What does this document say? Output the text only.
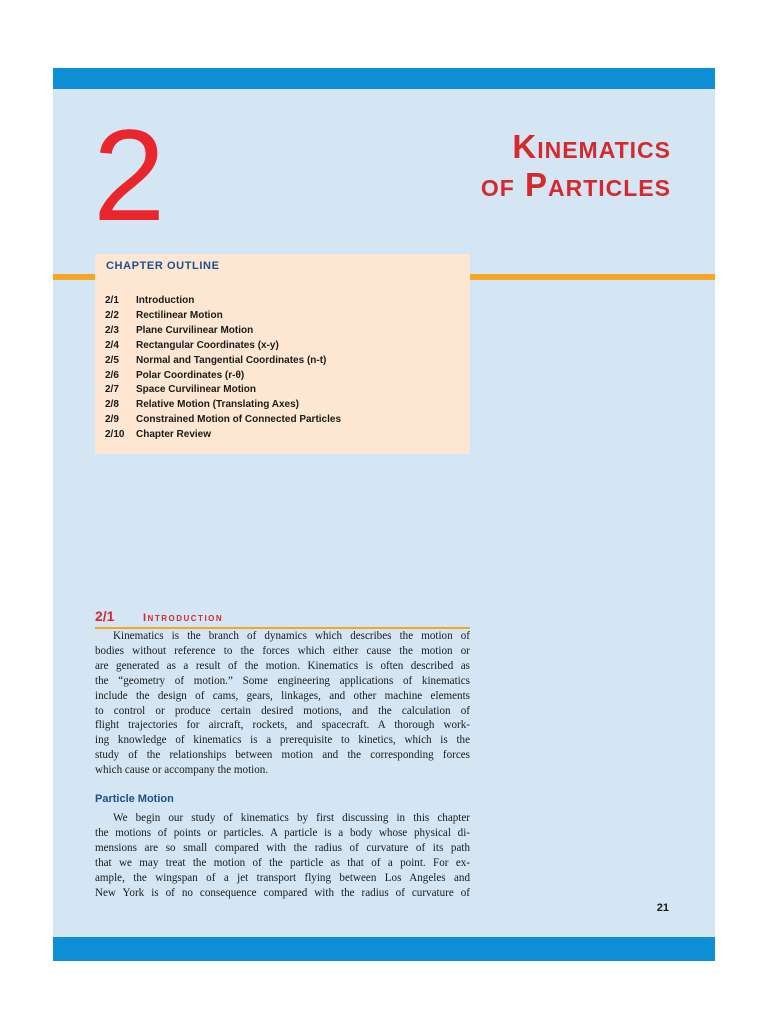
2	Kinematics
of Particles
CHAPTER OUTLINE
2/1 Introduction
2/2 Rectilinear Motion
2/3 Plane Curvilinear Motion
2/4 Rectangular Coordinates (x-y)
2/5 Normal and Tangential Coordinates (n-t)
2/6 Polar Coordinates (r-θ)
2/7 Space Curvilinear Motion
2/8 Relative Motion (Translating Axes)
2/9 Constrained Motion of Connected Particles
2/10 Chapter Review
2/1	Introduction
Kinematics is the branch of dynamics which describes the motion of
bodies without reference to the forces which either cause the motion or
are generated as a result of the motion. Kinematics is often described as
the “geometry of motion.” Some engineering applications of kinematics
include the design of cams, gears, linkages, and other machine elements
to control or produce certain desired motions, and the calculation of
flight trajectories for aircraft, rockets, and spacecraft. A thorough work-
ing knowledge of kinematics is a prerequisite to kinetics, which is the
study of the relationships between motion and the corresponding forces
which cause or accompany the motion.
Particle Motion
We begin our study of kinematics by first discussing in this chapter
the motions of points or particles. A particle is a body whose physical di-
mensions are so small compared with the radius of curvature of its path
that we may treat the motion of the particle as that of a point. For ex-
ample, the wingspan of a jet transport flying between Los Angeles and
New York is of no consequence compared with the radius of curvature of
21
